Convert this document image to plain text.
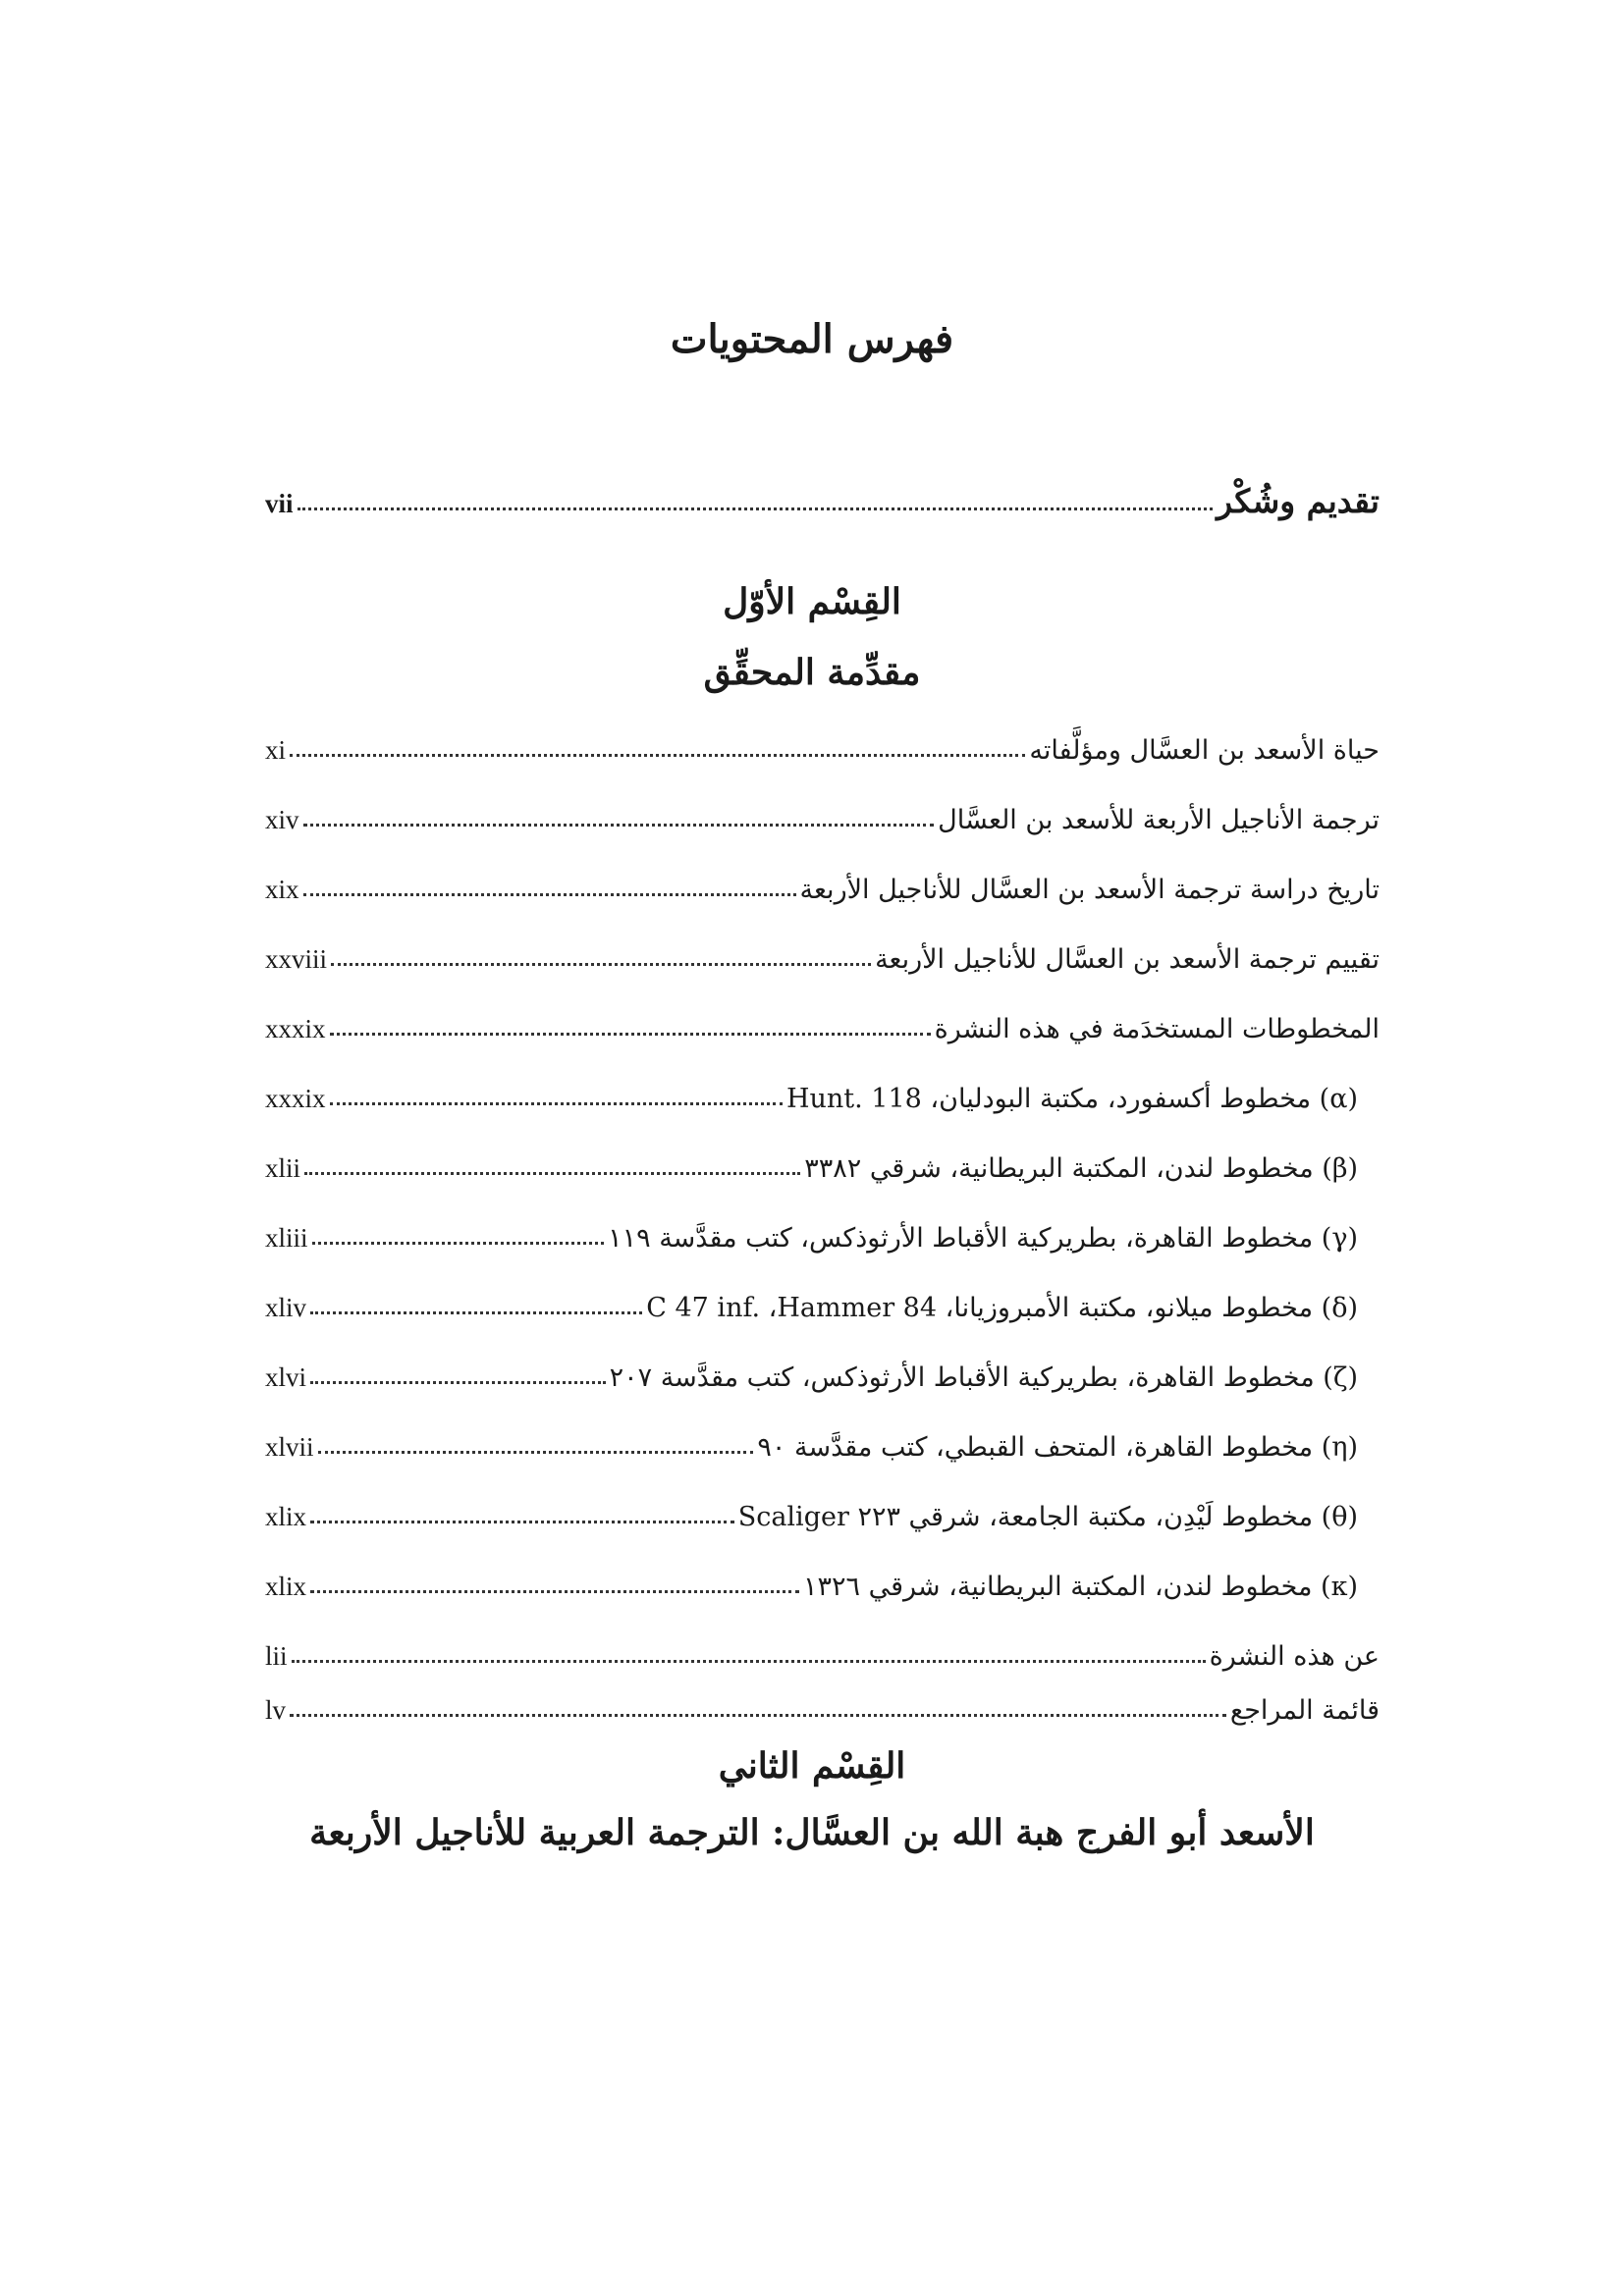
فهرس المحتويات
تقديم وشُكْر
vii
القِسْم الأوّل
مقدِّمة المحقِّق
حياة الأسعد بن العسَّال ومؤلَّفاته
xi
ترجمة الأناجيل الأربعة للأسعد بن العسَّال
xiv
تاريخ دراسة ترجمة الأسعد بن العسَّال للأناجيل الأربعة
xix
تقييم ترجمة الأسعد بن العسَّال للأناجيل الأربعة
xxviii
المخطوطات المستخدَمة في هذه النشرة
xxxix
(α) مخطوط أكسفورد، مكتبة البودليان، Hunt. 118
xxxix
(β) مخطوط لندن، المكتبة البريطانية، شرقي ٣٣٨٢
xlii
(γ) مخطوط القاهرة، بطريركية الأقباط الأرثوذكس، كتب مقدَّسة ١١٩
xliii
(δ) مخطوط ميلانو، مكتبة الأمبروزيانا، C 47 inf. ،Hammer 84
xliv
(ζ) مخطوط القاهرة، بطريركية الأقباط الأرثوذكس، كتب مقدَّسة ٢٠٧
xlvi
(η) مخطوط القاهرة، المتحف القبطي، كتب مقدَّسة ٩٠
xlvii
(θ) مخطوط لَيْدِن، مكتبة الجامعة، شرقي ٢٢٣ Scaliger
xlix
(κ) مخطوط لندن، المكتبة البريطانية، شرقي ١٣٢٦
xlix
عن هذه النشرة
lii
قائمة المراجع
lv
القِسْم الثاني
الأسعد أبو الفرج هبة الله بن العسَّال: الترجمة العربية للأناجيل الأربعة
